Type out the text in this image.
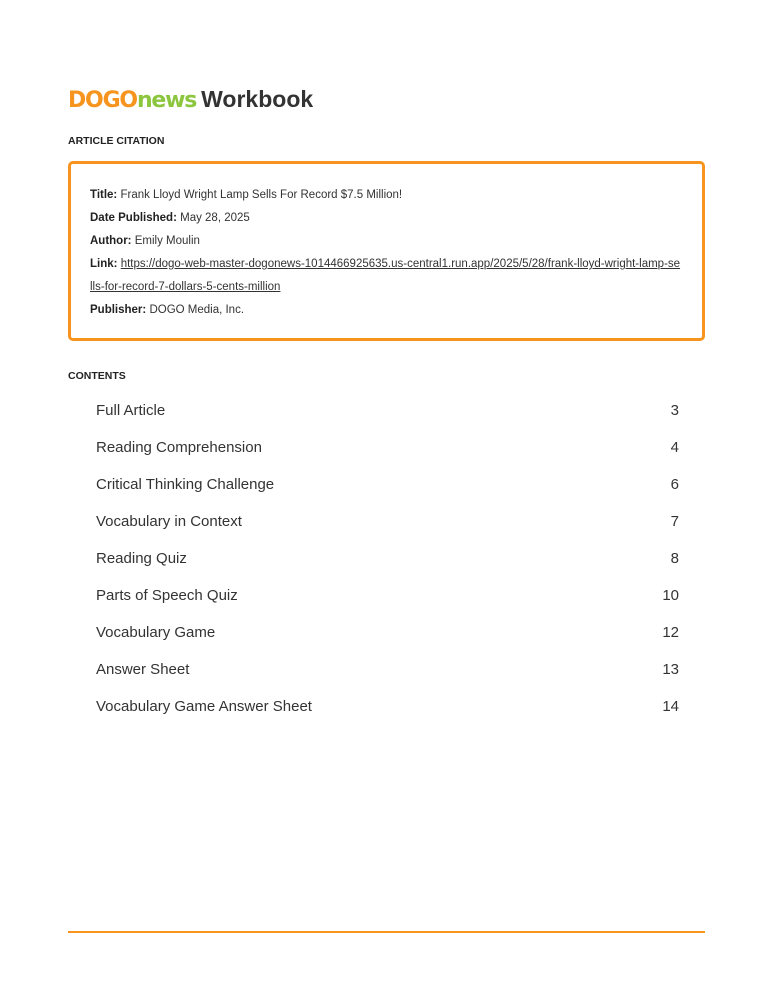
DOGO news Workbook
ARTICLE CITATION
Title: Frank Lloyd Wright Lamp Sells For Record $7.5 Million!
Date Published: May 28, 2025
Author: Emily Moulin
Link: https://dogo-web-master-dogonews-1014466925635.us-central1.run.app/2025/5/28/frank-lloyd-wright-lamp-sells-for-record-7-dollars-5-cents-million
Publisher: DOGO Media, Inc.
CONTENTS
Full Article	3
Reading Comprehension	4
Critical Thinking Challenge	6
Vocabulary in Context	7
Reading Quiz	8
Parts of Speech Quiz	10
Vocabulary Game	12
Answer Sheet	13
Vocabulary Game Answer Sheet	14
